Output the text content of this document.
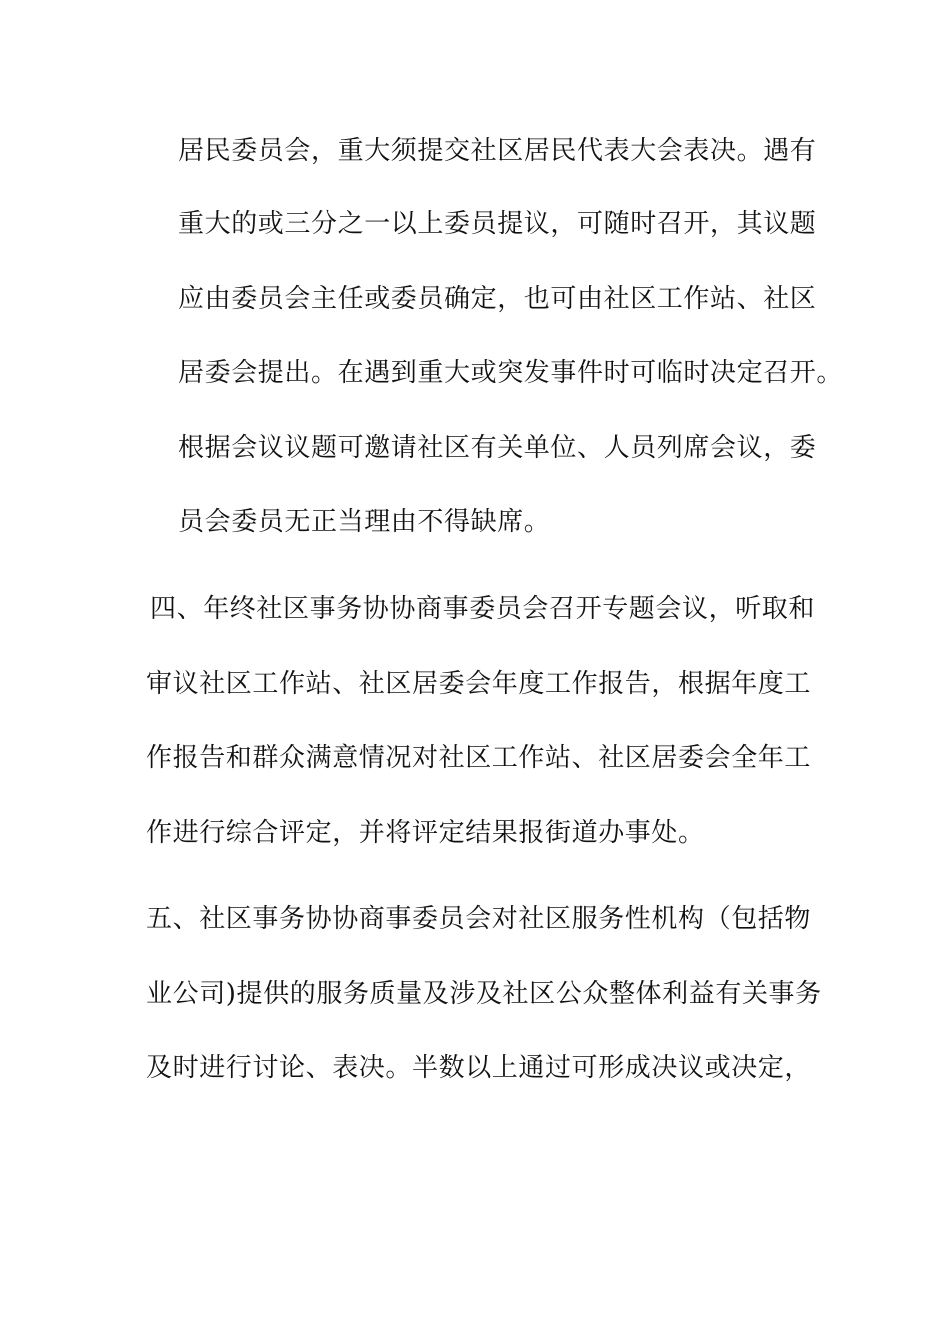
居民委员会，重大须提交社区居民代表大会表决。遇有
重大的或三分之一以上委员提议，可随时召开，其议题
应由委员会主任或委员确定，也可由社区工作站、社区
居委会提出。在遇到重大或突发事件时可临时决定召开。
根据会议议题可邀请社区有关单位、人员列席会议，委
员会委员无正当理由不得缺席。
四、年终社区事务协协商事委员会召开专题会议，听取和
审议社区工作站、社区居委会年度工作报告，根据年度工
作报告和群众满意情况对社区工作站、社区居委会全年工
作进行综合评定，并将评定结果报街道办事处。
五、社区事务协协商事委员会对社区服务性机构（包括物
业公司)提供的服务质量及涉及社区公众整体利益有关事务
及时进行讨论、表决。半数以上通过可形成决议或决定，
